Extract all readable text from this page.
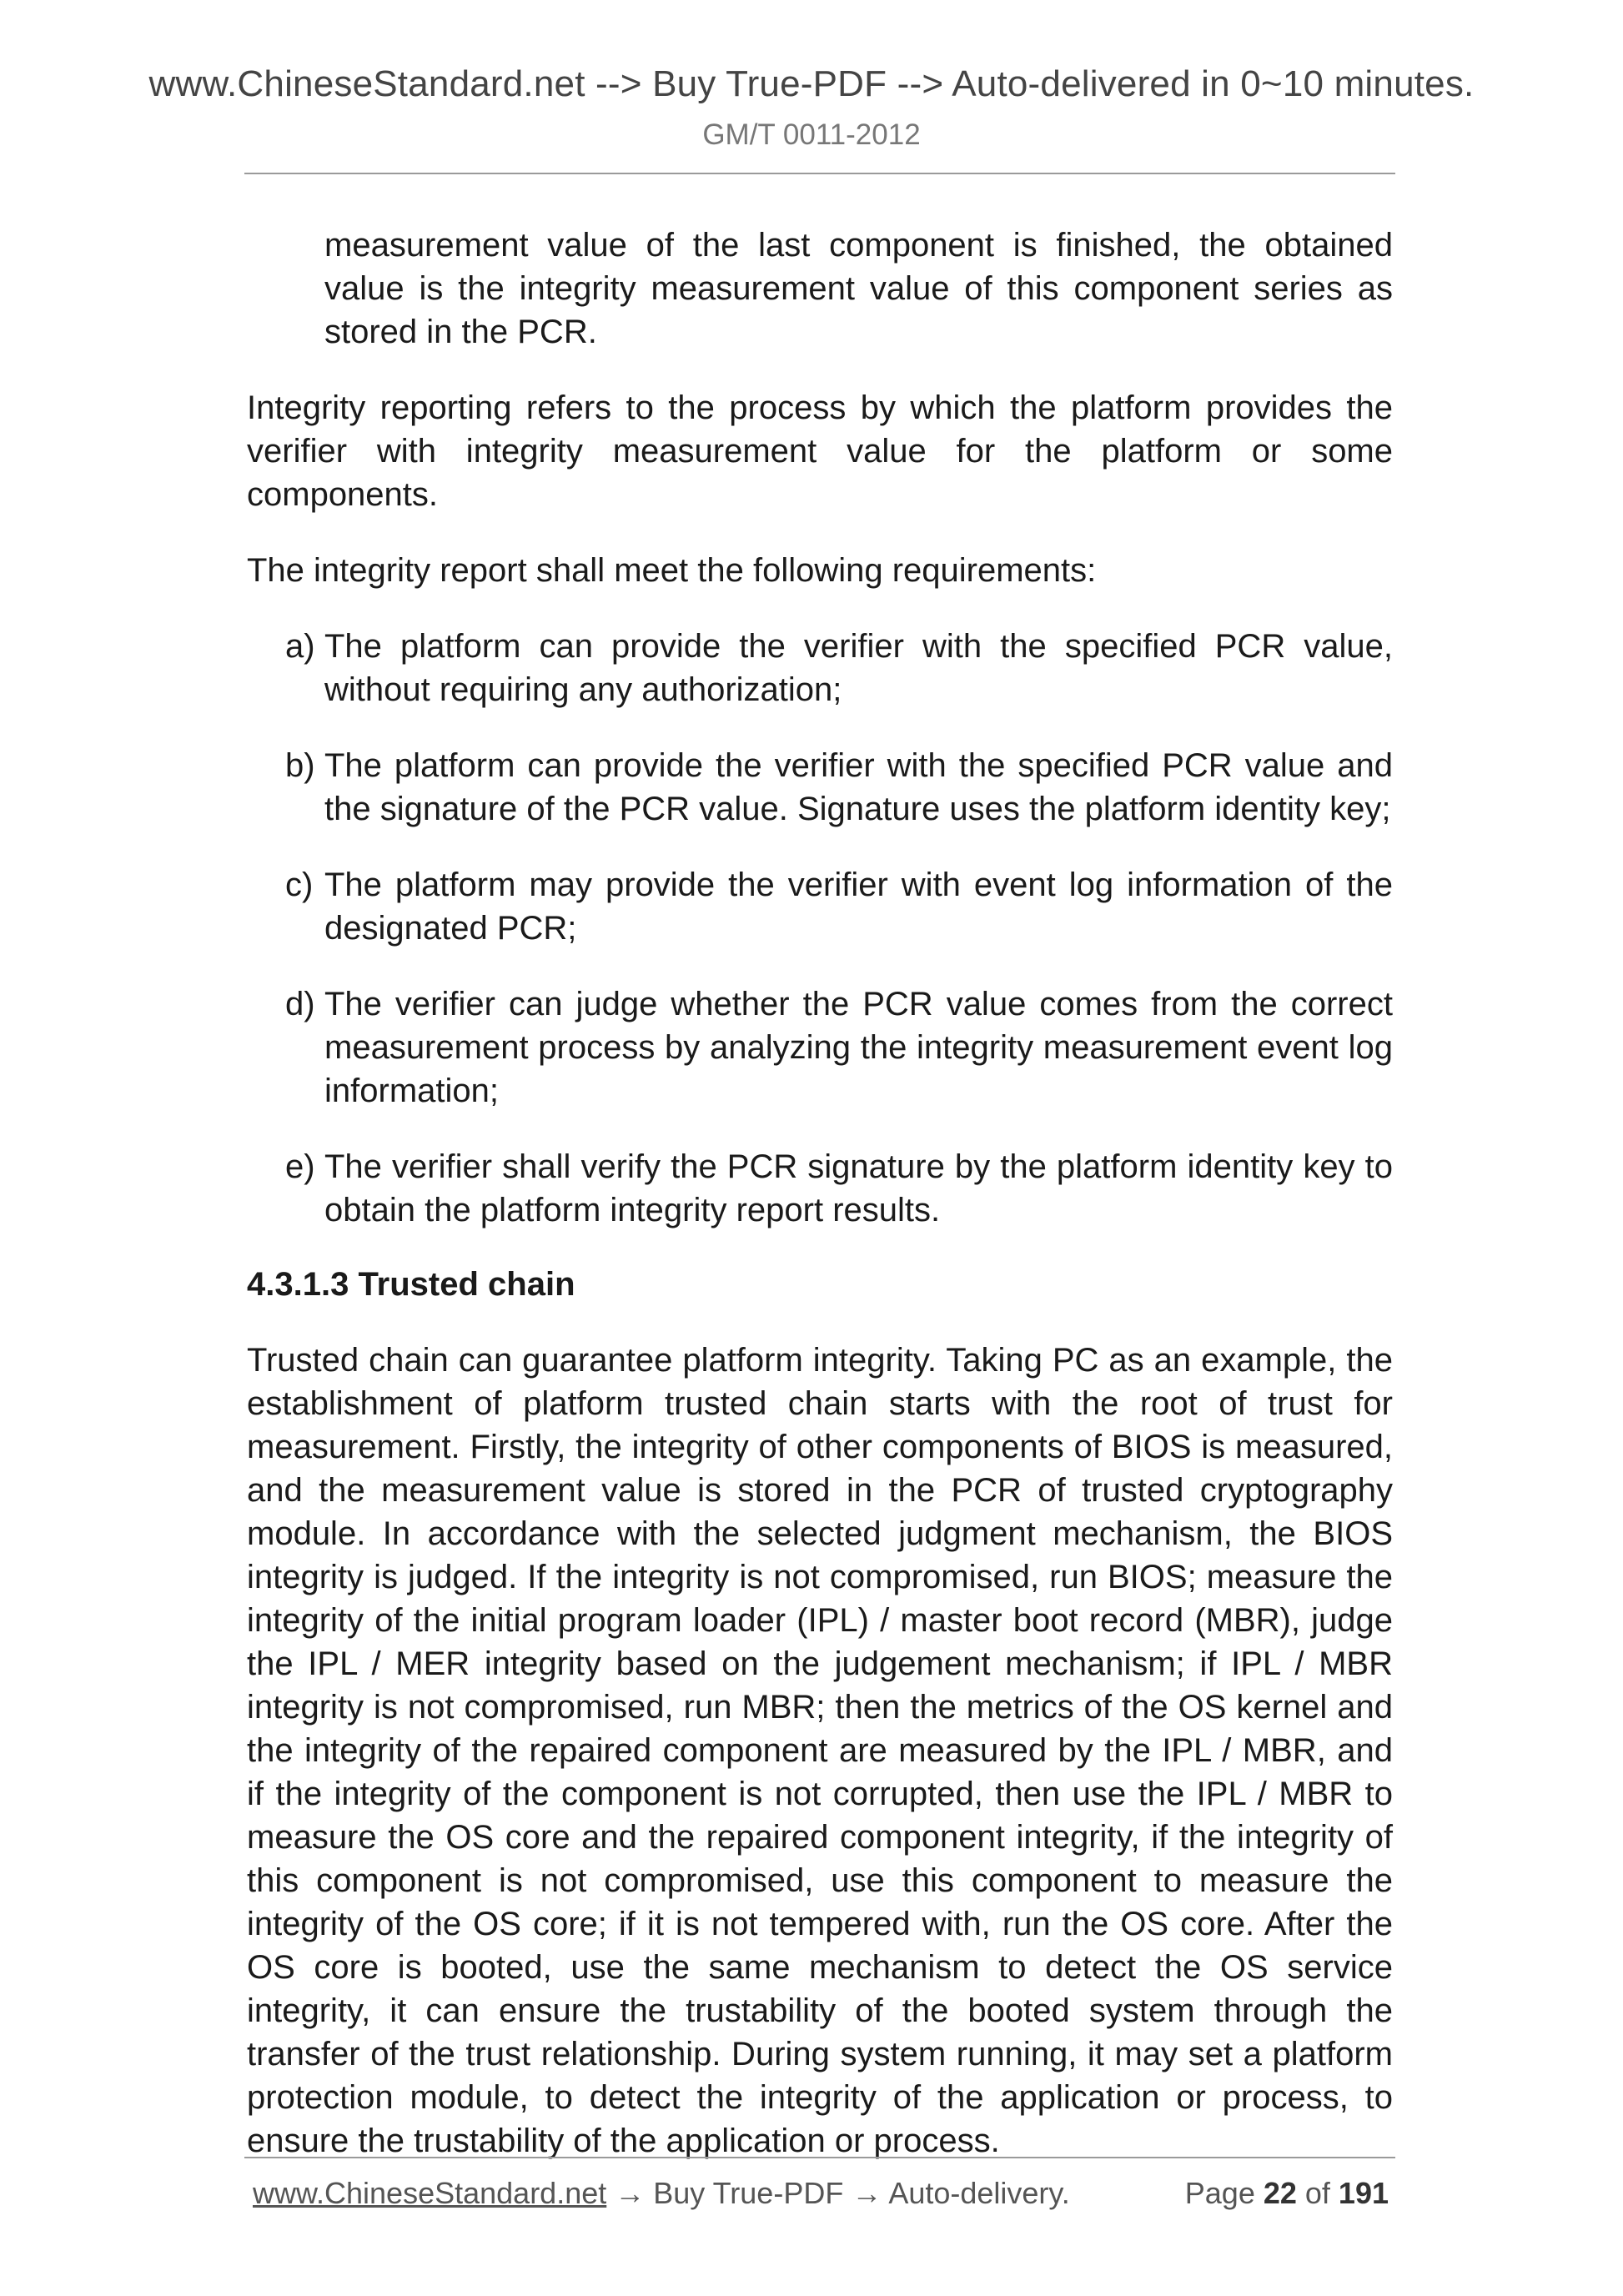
www.ChineseStandard.net --> Buy True-PDF --> Auto-delivered in 0~10 minutes.
GM/T 0011-2012

measurement value of the last component is finished, the obtained value is the integrity measurement value of this component series as stored in the PCR.

Integrity reporting refers to the process by which the platform provides the verifier with integrity measurement value for the platform or some components.

The integrity report shall meet the following requirements:

a) The platform can provide the verifier with the specified PCR value, without requiring any authorization;
b) The platform can provide the verifier with the specified PCR value and the signature of the PCR value. Signature uses the platform identity key;
c) The platform may provide the verifier with event log information of the designated PCR;
d) The verifier can judge whether the PCR value comes from the correct measurement process by analyzing the integrity measurement event log information;
e) The verifier shall verify the PCR signature by the platform identity key to obtain the platform integrity report results.

4.3.1.3 Trusted chain

Trusted chain can guarantee platform integrity. Taking PC as an example, the establishment of platform trusted chain starts with the root of trust for measurement. Firstly, the integrity of other components of BIOS is measured, and the measurement value is stored in the PCR of trusted cryptography module. In accordance with the selected judgment mechanism, the BIOS integrity is judged. If the integrity is not compromised, run BIOS; measure the integrity of the initial program loader (IPL) / master boot record (MBR), judge the IPL / MER integrity based on the judgement mechanism; if IPL / MBR integrity is not compromised, run MBR; then the metrics of the OS kernel and the integrity of the repaired component are measured by the IPL / MBR, and if the integrity of the component is not corrupted, then use the IPL / MBR to measure the OS core and the repaired component integrity, if the integrity of this component is not compromised, use this component to measure the integrity of the OS core; if it is not tempered with, run the OS core. After the OS core is booted, use the same mechanism to detect the OS service integrity, it can ensure the trustability of the booted system through the transfer of the trust relationship. During system running, it may set a platform protection module, to detect the integrity of the application or process, to ensure the trustability of the application or process.

www.ChineseStandard.net → Buy True-PDF → Auto-delivery.	Page 22 of 191
